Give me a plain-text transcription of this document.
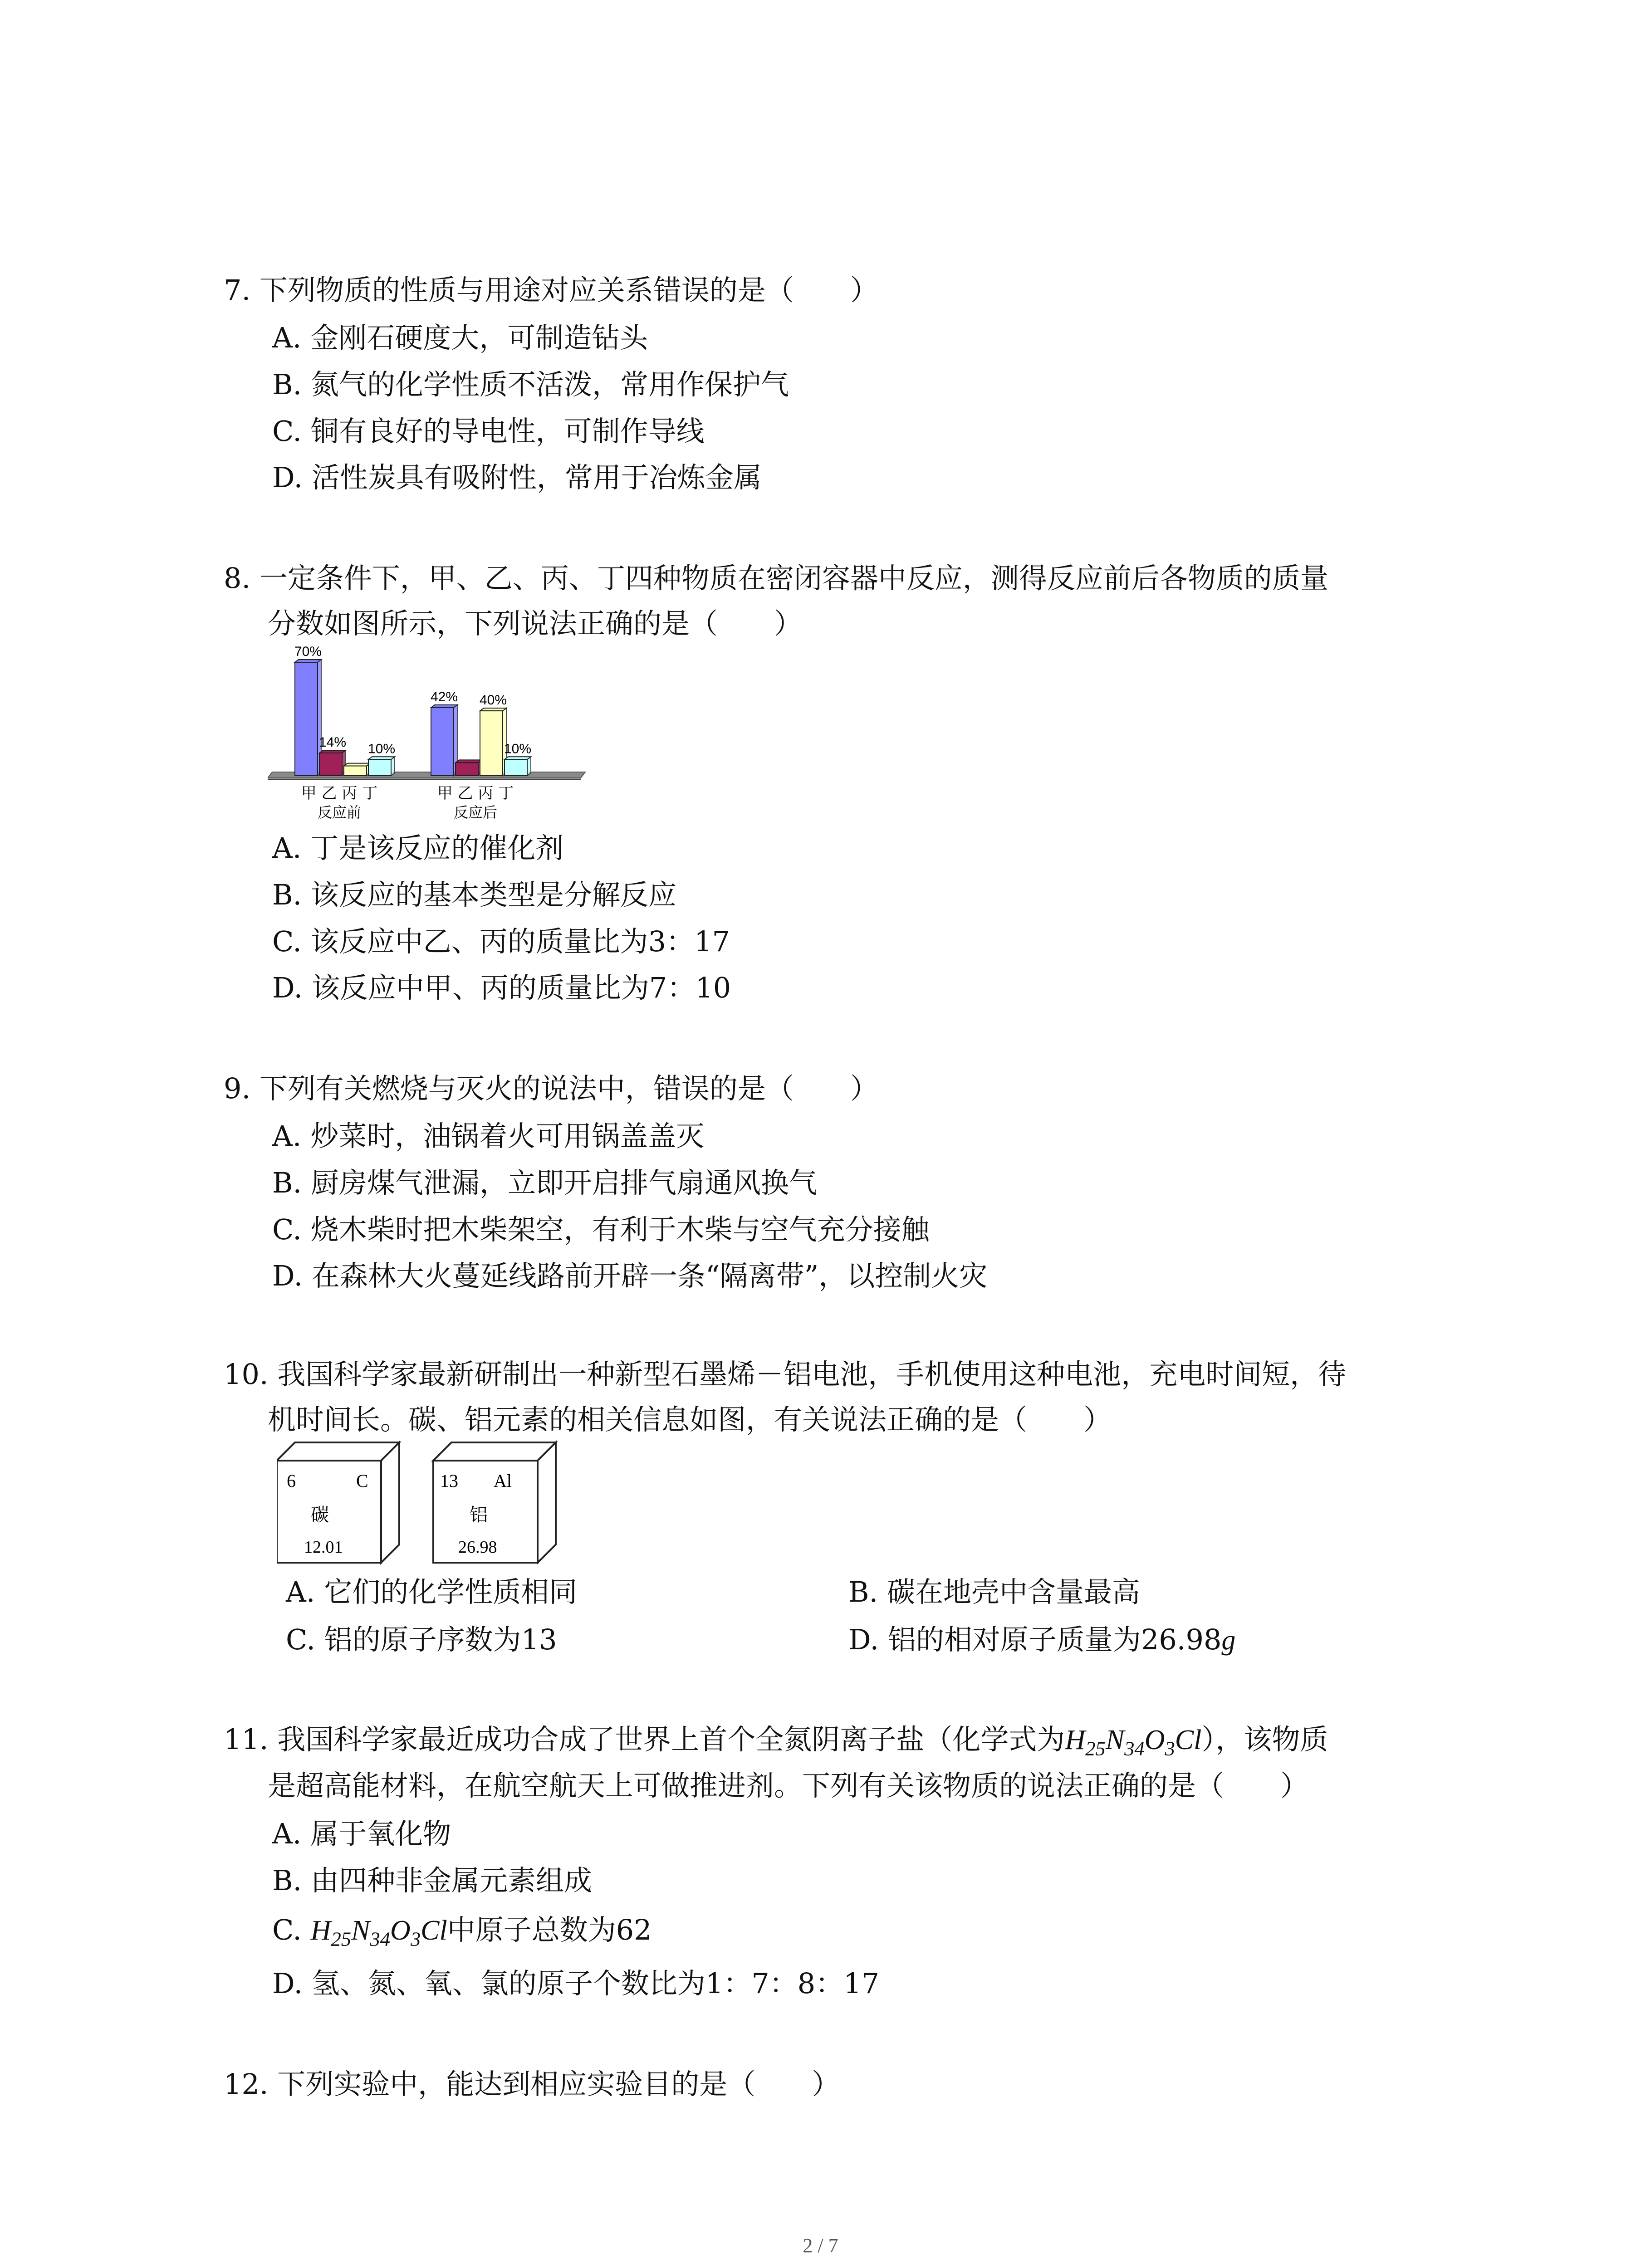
7. 下列物质的性质与用途对应关系错误的是（　　）
A. 金刚石硬度大，可制造钻头
B. 氮气的化学性质不活泼，常用作保护气
C. 铜有良好的导电性，可制作导线
D. 活性炭具有吸附性，常用于冶炼金属
8. 一定条件下，甲、乙、丙、丁四种物质在密闭容器中反应，测得反应前后各物质的质量
分数如图所示，下列说法正确的是（　　）
70%
14% 10%
42% 40%
10%
甲 乙 丙 丁
反应前
甲 乙 丙 丁
反应后
A. 丁是该反应的催化剂
B. 该反应的基本类型是分解反应
C. 该反应中乙、丙的质量比为3：17
D. 该反应中甲、丙的质量比为7：10
9. 下列有关燃烧与灭火的说法中，错误的是（　　）
A. 炒菜时，油锅着火可用锅盖盖灭
B. 厨房煤气泄漏，立即开启排气扇通风换气
C. 烧木柴时把木柴架空，有利于木柴与空气充分接触
D. 在森林大火蔓延线路前开辟一条“隔离带”，以控制火灾
10. 我国科学家最新研制出一种新型石墨烯－铝电池，手机使用这种电池，充电时间短，待
机时间长。碳、铝元素的相关信息如图，有关说法正确的是（　　）
6	C
碳
12.01
13 Al
铝
26.98
A. 它们的化学性质相同	B. 碳在地壳中含量最高
C. 铝的原子序数为13	D. 铝的相对原子质量为26.98g
11. 我国科学家最近成功合成了世界上首个全氮阴离子盐（化学式为$H_{25}N_{34}O_3Cl$），该物质
是超高能材料，在航空航天上可做推进剂。下列有关该物质的说法正确的是（　　）
A. 属于氧化物
B. 由四种非金属元素组成
C. $H_{25}N_{34}O_3Cl$中原子总数为62
D. 氢、氮、氧、氯的原子个数比为1：7：8：17
12. 下列实验中，能达到相应实验目的是（　　）
2 / 7
